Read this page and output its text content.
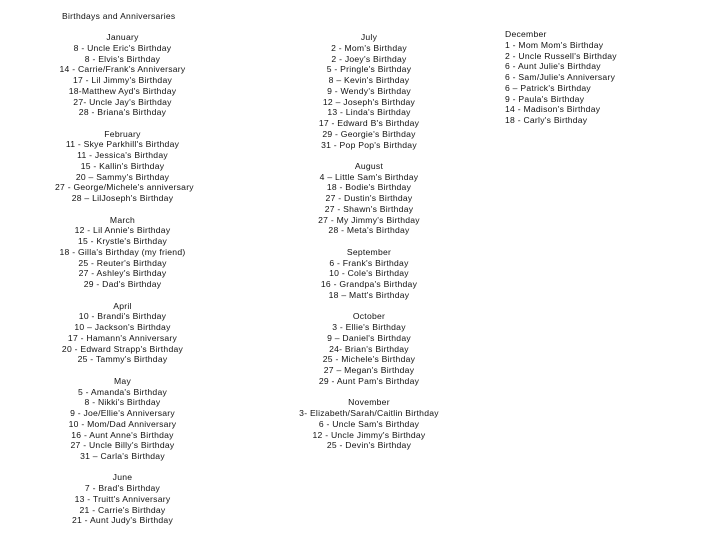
Birthdays and Anniversaries
January
8 - Uncle Eric's Birthday
8 - Elvis's Birthday
14 - Carrie/Frank's Anniversary
17 - Lil Jimmy's Birthday
18-Matthew Ayd's Birthday
27- Uncle Jay's Birthday
28 - Briana's Birthday
February
11 - Skye Parkhill's Birthday
11 - Jessica's Birthday
15 - Kallin's Birthday
20 – Sammy's Birthday
27 - George/Michele's anniversary
28 – LilJoseph's Birthday
March
12 - Lil Annie's Birthday
15 - Krystle's Birthday
18 - Gilla's Birthday (my friend)
25 - Reuter's Birthday
27 - Ashley's Birthday
29 - Dad's Birthday
April
10 - Brandi's Birthday
10 – Jackson's Birthday
17 - Hamann's Anniversary
20 - Edward Strapp's Birthday
25 - Tammy's Birthday
May
5 - Amanda's Birthday
8 - Nikki's Birthday
9 - Joe/Ellie's Anniversary
10 - Mom/Dad Anniversary
16 - Aunt Anne's Birthday
27 - Uncle Billy's Birthday
31 – Carla's Birthday
June
7 - Brad's Birthday
13 - Truitt's Anniversary
21 - Carrie's Birthday
21 - Aunt Judy's Birthday
July
2 - Mom's Birthday
2 - Joey's Birthday
5 - Pringle's Birthday
8 – Kevin's Birthday
9 - Wendy's Birthday
12 – Joseph's Birthday
13 - Linda's Birthday
17 - Edward B's Birthday
29 - Georgie's Birthday
31 - Pop Pop's Birthday
August
4 – Little Sam's Birthday
18 - Bodie's Birthday
27 - Dustin's Birthday
27 - Shawn's Birthday
27 - My Jimmy's Birthday
28 - Meta's Birthday
September
6 - Frank's Birthday
10 - Cole's Birthday
16 - Grandpa's Birthday
18 – Matt's Birthday
October
3 - Ellie's Birthday
9 – Daniel's Birthday
24- Brian's Birthday
25 - Michele's Birthday
27 – Megan's Birthday
29 - Aunt Pam's Birthday
November
3- Elizabeth/Sarah/Caitlin Birthday
6 - Uncle Sam's Birthday
12 - Uncle Jimmy's Birthday
25 - Devin's Birthday
December
1 - Mom Mom's Birthday
2 - Uncle Russell's Birthday
6 - Aunt Julie's Birthday
6 - Sam/Julie's Anniversary
6 – Patrick's Birthday
9 - Paula's Birthday
14 - Madison's Birthday
18 - Carly's Birthday
